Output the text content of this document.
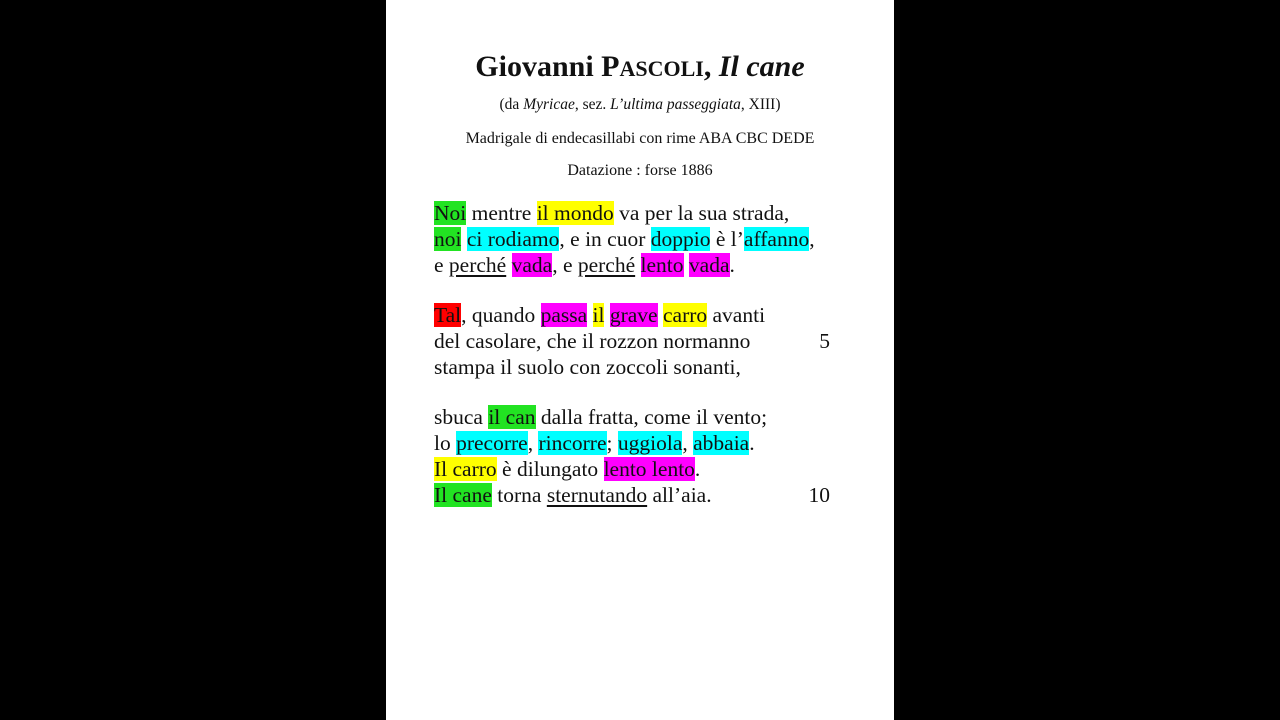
Giovanni PASCOLI, Il cane
(da Myricae, sez. L’ultima passeggiata, XIII)
Madrigale di endecasillabi con rime ABA CBC DEDE
Datazione : forse 1886
Noi mentre il mondo va per la sua strada,
noi ci rodiamo, e in cuor doppio è l’affanno,
e perché vada, e perché lento vada.
Tal, quando passa il grave carro avanti
del casolare, che il rozzon normanno
stampa il suolo con zoccoli sonanti,
sbuca il can dalla fratta, come il vento;
lo precorre, rincorre; uggiola, abbaia.
Il carro è dilungato lento lento.
Il cane torna sternutando all’aia.
5
10
